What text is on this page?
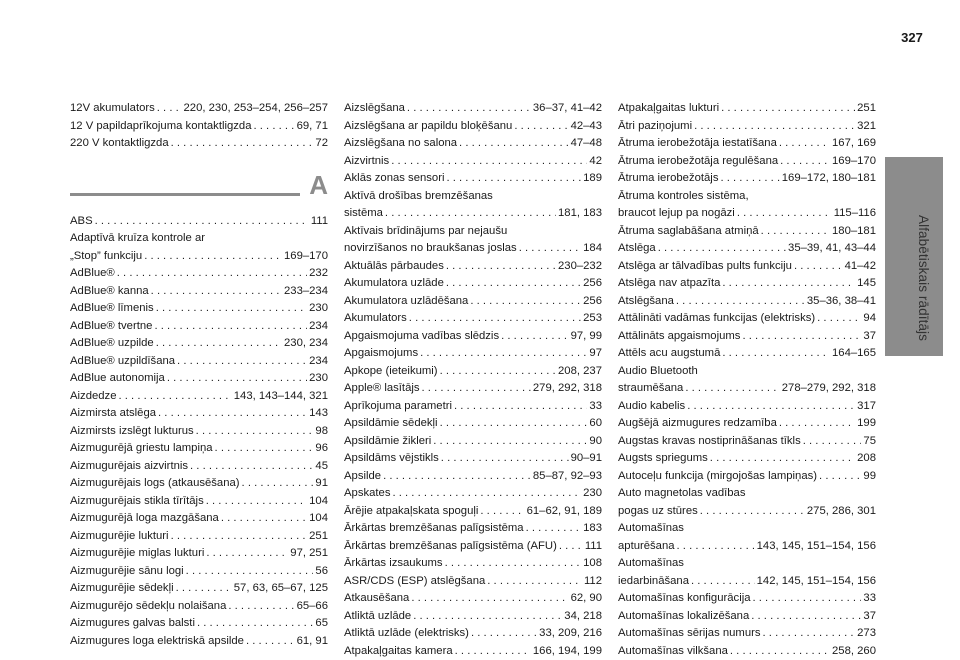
327
Alfabētiskais rādītājs
12V akumulators . . .	220, 230, 253–254, 256–257
12 V papildaprīkojuma kontaktligzda . . .	69, 71
220 V kontaktligzda . . .	72
A
ABS . . .	111
Adaptīvā kruīza kontrole ar
„Stop” funkciju . . .	169–170
AdBlue® . . .	232
AdBlue® kanna . . .	233–234
AdBlue® līmenis . . .	230
AdBlue® tvertne . . .	234
AdBlue® uzpilde . . .	230, 234
AdBlue® uzpildīšana . . .	234
AdBlue autonomija . . .	230
Aizdedze . . .	143, 143–144, 321
Aizmirsta atslēga . . .	143
Aizmirsts izslēgt lukturus . . .	98
Aizmugurējā griestu lampiņa . . .	96
Aizmugurējais aizvirtnis . . .	45
Aizmugurējais logs (atkausēšana) . . .	91
Aizmugurējais stikla tīrītājs . . .	104
Aizmugurējā loga mazgāšana . . .	104
Aizmugurējie lukturi . . .	251
Aizmugurējie miglas lukturi . . .	97, 251
Aizmugurējie sānu logi . . .	56
Aizmugurējie sēdekļi . . .	57, 63, 65–67, 125
Aizmugurējo sēdekļu nolaišana . . .	65–66
Aizmugures galvas balsti . . .	65
Aizmugures loga elektriskā apsilde . . .	61, 91
Aizslēgšana . . .	36–37, 41–42
Aizslēgšana ar papildu bloķēšanu . . .	42–43
Aizslēgšana no salona . . .	47–48
Aizvirtnis . . .	42
Aklās zonas sensori . . .	189
Aktīvā drošības bremzēšanas
sistēma . . .	181, 183
Aktīvais brīdinājums par nejaušu
novirzīšanos no braukšanas joslas . . .	184
Aktuālās pārbaudes . . .	230–232
Akumulatora uzlāde . . .	256
Akumulatora uzlādēšana . . .	256
Akumulators . . .	253
Apgaismojuma vadības slēdzis . . .	97, 99
Apgaismojums . . .	97
Apkope (ieteikumi) . . .	208, 237
Apple® lasītājs . . .	279, 292, 318
Aprīkojuma parametri . . .	33
Apsildāmie sēdekļi . . .	60
Apsildāmie žikleri . . .	90
Apsildāms vējstikls . . .	90–91
Apsilde . . .	85–87, 92–93
Apskates . . .	230
Ārējie atpakaļskata spoguļi . . .	61–62, 91, 189
Ārkārtas bremzēšanas palīgsistēma . . .	183
Ārkārtas bremzēšanas palīgsistēma (AFU) . . . 111
Ārkārtas izsaukums . . .	108
ASR/CDS (ESP) atslēgšana . . .	112
Atkausēšana . . .	62, 90
Atliktā uzlāde . . .	34, 218
Atliktā uzlāde (elektrisks) . . .	33, 209, 216
Atpakaļgaitas kamera . . .	166, 194, 199
Atpakaļgaitas lukturi . . .	251
Ātri paziņojumi . . .	321
Ātruma ierobežotāja iestatīšana . . .	167, 169
Ātruma ierobežotāja regulēšana . . .	169–170
Ātruma ierobežotājs . . .	169–172, 180–181
Ātruma kontroles sistēma,
braucot lejup pa nogāzi . . .	115–116
Ātruma saglabāšana atmiņā . . .	180–181
Atslēga . . .	35–39, 41, 43–44
Atslēga ar tālvadības pults funkciju . . .	41–42
Atslēga nav atpazīta . . .	145
Atslēgšana . . .	35–36, 38–41
Attālināti vadāmas funkcijas (elektrisks) . . .	94
Attālināts apgaismojums . . .	37
Attēls acu augstumā . . .	164–165
Audio Bluetooth
straumēšana . . .	278–279, 292, 318
Audio kabelis . . .	317
Augšējā aizmugures redzamība . . .	199
Augstas kravas nostiprināšanas tīkls . . .	75
Augsts spriegums . . .	208
Autoceļu funkcija (mirgojošas lampiņas) . . .	99
Auto magnetolas vadības
pogas uz stūres . . .	275, 286, 301
Automašīnas
apturēšana . . .	143, 145, 151–154, 156
Automašīnas
iedarbināšana . . .	142, 145, 151–154, 156
Automašīnas konfigurācija . . .	33
Automašīnas lokalizēšana . . .	37
Automašīnas sērijas numurs . . .	273
Automašīnas vilkšana . . .	258, 260
